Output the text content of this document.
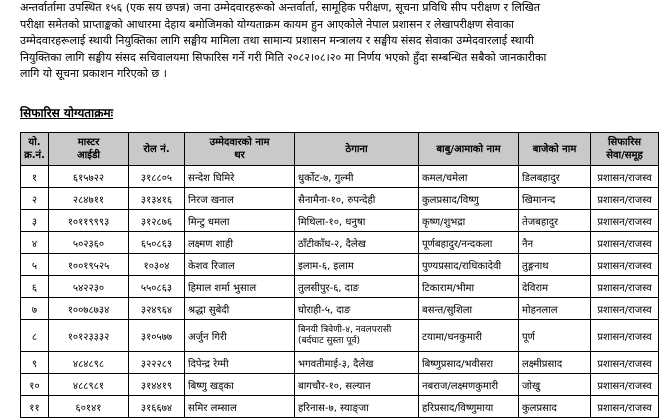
अन्तर्वार्तामा उपस्थित १५६ (एक सय छपन्न) जना उम्मेदवारहरूको अन्तर्वार्ता, सामूहिक परीक्षण, सूचना प्रविधि सीप परीक्षण र लिखित
परीक्षा समेतको प्राप्ताङ्कको आधारमा देहाय बमोजिमको योग्यताक्रम कायम हुन आएकोले नेपाल प्रशासन र लेखापरीक्षण सेवाका
उम्मेदवारहरूलाई स्थायी नियुक्तिका लागि सङ्घीय मामिला तथा सामान्य प्रशासन मन्त्रालय र सङ्घीय संसद सेवाका उम्मेदवारलाई स्थायी
नियुक्तिका लागि सङ्घीय संसद सचिवालयमा सिफारिस गर्ने गरी मिति २०८२।०८।२० मा निर्णय भएको हुँदा सम्बन्धित सबैको जानकारीका
लागि यो सूचना प्रकाशन गरिएको छ ।

सिफारिस योग्यताक्रमः
यो.
क्र.नं.	मास्टर
आईडी	रोल नं.	उम्मेदवारको नाम
थर	ठेगाना	बाबु/आमाको नाम	बाजेको नाम	सिफारिस
सेवा/समूह
१	६१५७२२	३१८८०५	सन्देश घिमिरे	धुर्कोट-७, गुल्मी	कमल/चमेला	डिलबहादुर	प्रशासन/राजस्व
२	२८४७११	३१३४१६	निरज खनाल	सैनामैना-१०, रुपन्देही	कुलप्रसाद/विष्णु	खिमानन्द	प्रशासन/राजस्व
३	१०११९९९३	३१२८७६	मिन्टु धमला	मिथिला-१०, धनुषा	कृष्ण/शुभद्रा	तेजबहादुर	प्रशासन/राजस्व
४	५०२३६०	६५०८६३	लक्ष्मण शाही	ठाँटीकाँध-२, दैलेख	पूर्णबहादुर/नन्दकला	नैन	प्रशासन/राजस्व
५	१००१९५२५	१०३०४	केशव रिजाल	इलाम-६, इलाम	पुण्यप्रसाद/राधिकादेवी	तुङ्गनाथ	प्रशासन/राजस्व
६	५४२२३०	५५०८६३	हिमाल शर्मा भुसाल	तुलसीपुर-६, दाङ	टिकाराम/भीमा	देविराम	प्रशासन/राजस्व
७	१००७८७३४	३२४९६४	श्रद्धा सुबेदी	घोराही-५, दाङ	बसन्त/सुशिला	मोहनलाल	प्रशासन/राजस्व
८	१०१२३३३२	३१०५७७	अर्जुन गिरी	बिनयी त्रिवेणी-४, नवलपरासी (बर्दघाट सुस्ता पूर्व)	टयामा/धनकुमारी	पूर्ण	प्रशासन/राजस्व
९	४८४८९८	३२२२८९	दिपेन्द्र रेग्मी	भगवतीमाई-३, दैलेख	बिष्णुप्रसाद/भवीसरा	लक्ष्मीप्रसाद	प्रशासन/राजस्व
१०	४८८९८१	३१४४१९	बिष्णु खड्का	बागचौर-१०, सल्यान	नबराज/लक्ष्मणकुमारी	जोखु	प्रशासन/राजस्व
११	६०१४१	३१६६७४	समिर लम्साल	हरिनास-७, स्याङ्जा	हरिप्रसाद/विष्णुमाया	कुलप्रसाद	प्रशासन/राजस्व
